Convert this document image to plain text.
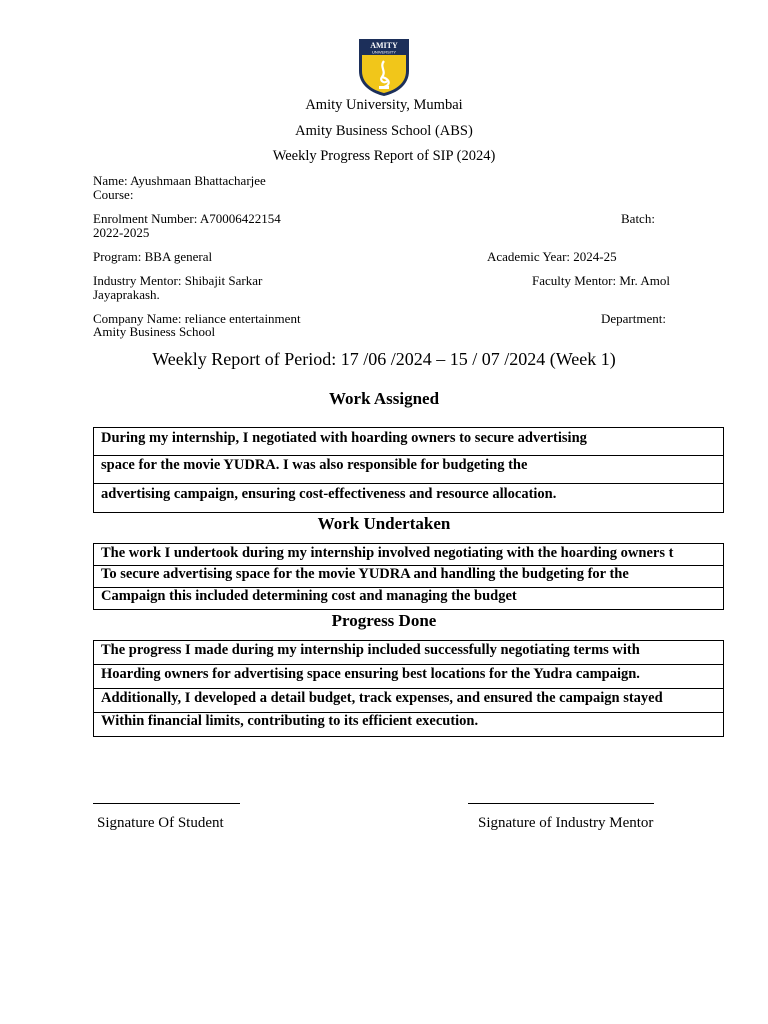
AMITY
UNIVERSITY
Amity University, Mumbai
Amity Business School (ABS)
Weekly Progress Report of SIP (2024)
Name: Ayushmaan Bhattacharjee
Course:
Enrolment Number: A70006422154	Batch:
2022-2025
Program: BBA general	Academic Year: 2024-25
Industry Mentor: Shibajit Sarkar	Faculty Mentor: Mr. Amol
Jayaprakash.
Company Name: reliance entertainment	Department:
Amity Business School
Weekly Report of Period: 17 /06 /2024 – 15 / 07 /2024 (Week 1)
Work Assigned
During my internship, I negotiated with hoarding owners to secure advertising
space for the movie YUDRA. I was also responsible for budgeting the
advertising campaign, ensuring cost-effectiveness and resource allocation.
Work Undertaken
The work I undertook during my internship involved negotiating with the hoarding owners t
To secure advertising space for the movie YUDRA and handling the budgeting for the
Campaign this included determining cost and managing the budget
Progress Done
The progress I made during my internship included successfully negotiating terms with
Hoarding owners for advertising space ensuring best locations for the Yudra campaign.
Additionally, I developed a detail budget, track expenses, and ensured the campaign stayed
Within financial limits, contributing to its efficient execution.
Signature Of Student	Signature of Industry Mentor
